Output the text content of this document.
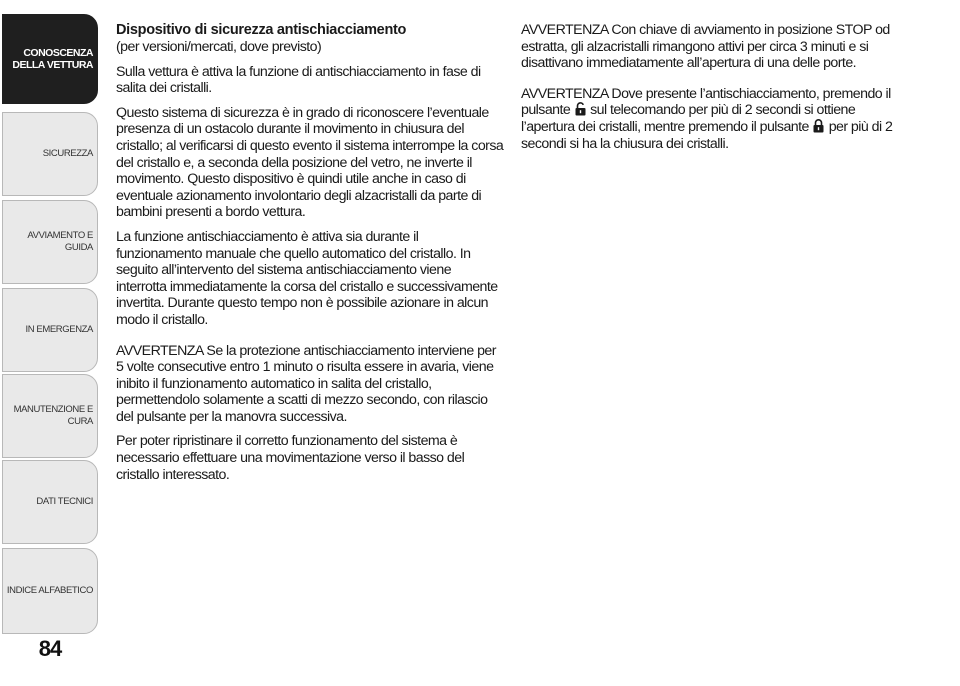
CONOSCENZA
DELLA VETTURA
SICUREZZA
AVVIAMENTO E
GUIDA
IN EMERGENZA
MANUTENZIONE E
CURA
DATI TECNICI
INDICE ALFABETICO
84
Dispositivo di sicurezza antischiacciamento
(per versioni/mercati, dove previsto)

Sulla vettura è attiva la funzione di antischiacciamento in fase di salita dei cristalli.

Questo sistema di sicurezza è in grado di riconoscere l’eventuale presenza di un ostacolo durante il movimento in chiusura del cristallo; al verificarsi di questo evento il sistema interrompe la corsa del cristallo e, a seconda della posizione del vetro, ne inverte il movimento. Questo dispositivo è quindi utile anche in caso di eventuale azionamento involontario degli alzacristalli da parte di bambini presenti a bordo vettura.

La funzione antischiacciamento è attiva sia durante il funzionamento manuale che quello automatico del cristallo. In seguito all’intervento del sistema antischiacciamento viene interrotta immediatamente la corsa del cristallo e successivamente invertita. Durante questo tempo non è possibile azionare in alcun modo il cristallo.

AVVERTENZA Se la protezione antischiacciamento interviene per 5 volte consecutive entro 1 minuto o risulta essere in avaria, viene inibito il funzionamento automatico in salita del cristallo, permettendolo solamente a scatti di mezzo secondo, con rilascio del pulsante per la manovra successiva.

Per poter ripristinare il corretto funzionamento del sistema è necessario effettuare una movimentazione verso il basso del cristallo interessato.

AVVERTENZA Con chiave di avviamento in posizione STOP od estratta, gli alzacristalli rimangono attivi per circa 3 minuti e si disattivano immediatamente all’apertura di una delle porte.

AVVERTENZA Dove presente l’antischiacciamento, premendo il pulsante sul telecomando per più di 2 secondi si ottiene l’apertura dei cristalli, mentre premendo il pulsante per più di 2 secondi si ha la chiusura dei cristalli.
